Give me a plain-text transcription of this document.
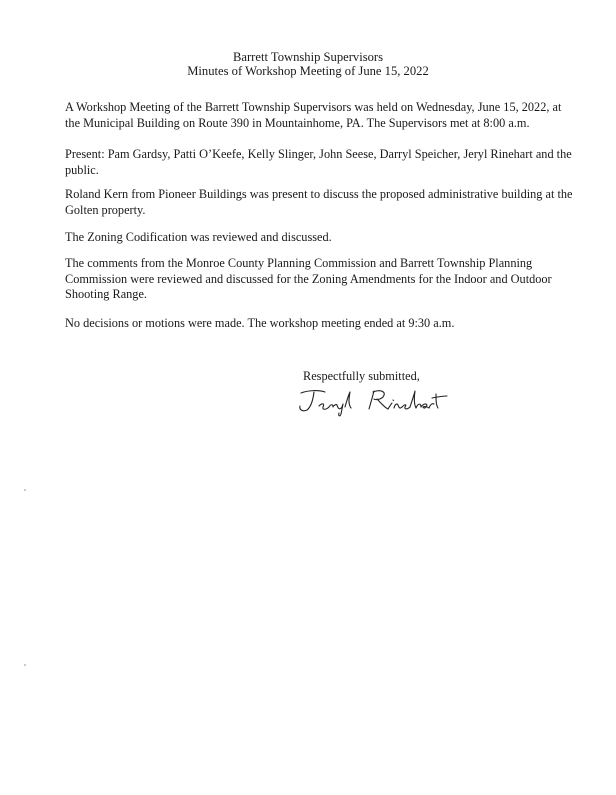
Barrett Township Supervisors
Minutes of Workshop Meeting of June 15, 2022

A Workshop Meeting of the Barrett Township Supervisors was held on Wednesday, June 15, 2022, at the Municipal Building on Route 390 in Mountainhome, PA. The Supervisors met at 8:00 a.m.

Present: Pam Gardsy, Patti O’Keefe, Kelly Slinger, John Seese, Darryl Speicher, Jeryl Rinehart and the public.

Roland Kern from Pioneer Buildings was present to discuss the proposed administrative building at the Golten property.

The Zoning Codification was reviewed and discussed.

The comments from the Monroe County Planning Commission and Barrett Township Planning Commission were reviewed and discussed for the Zoning Amendments for the Indoor and Outdoor Shooting Range.

No decisions or motions were made. The workshop meeting ended at 9:30 a.m.

Respectfully submitted,
